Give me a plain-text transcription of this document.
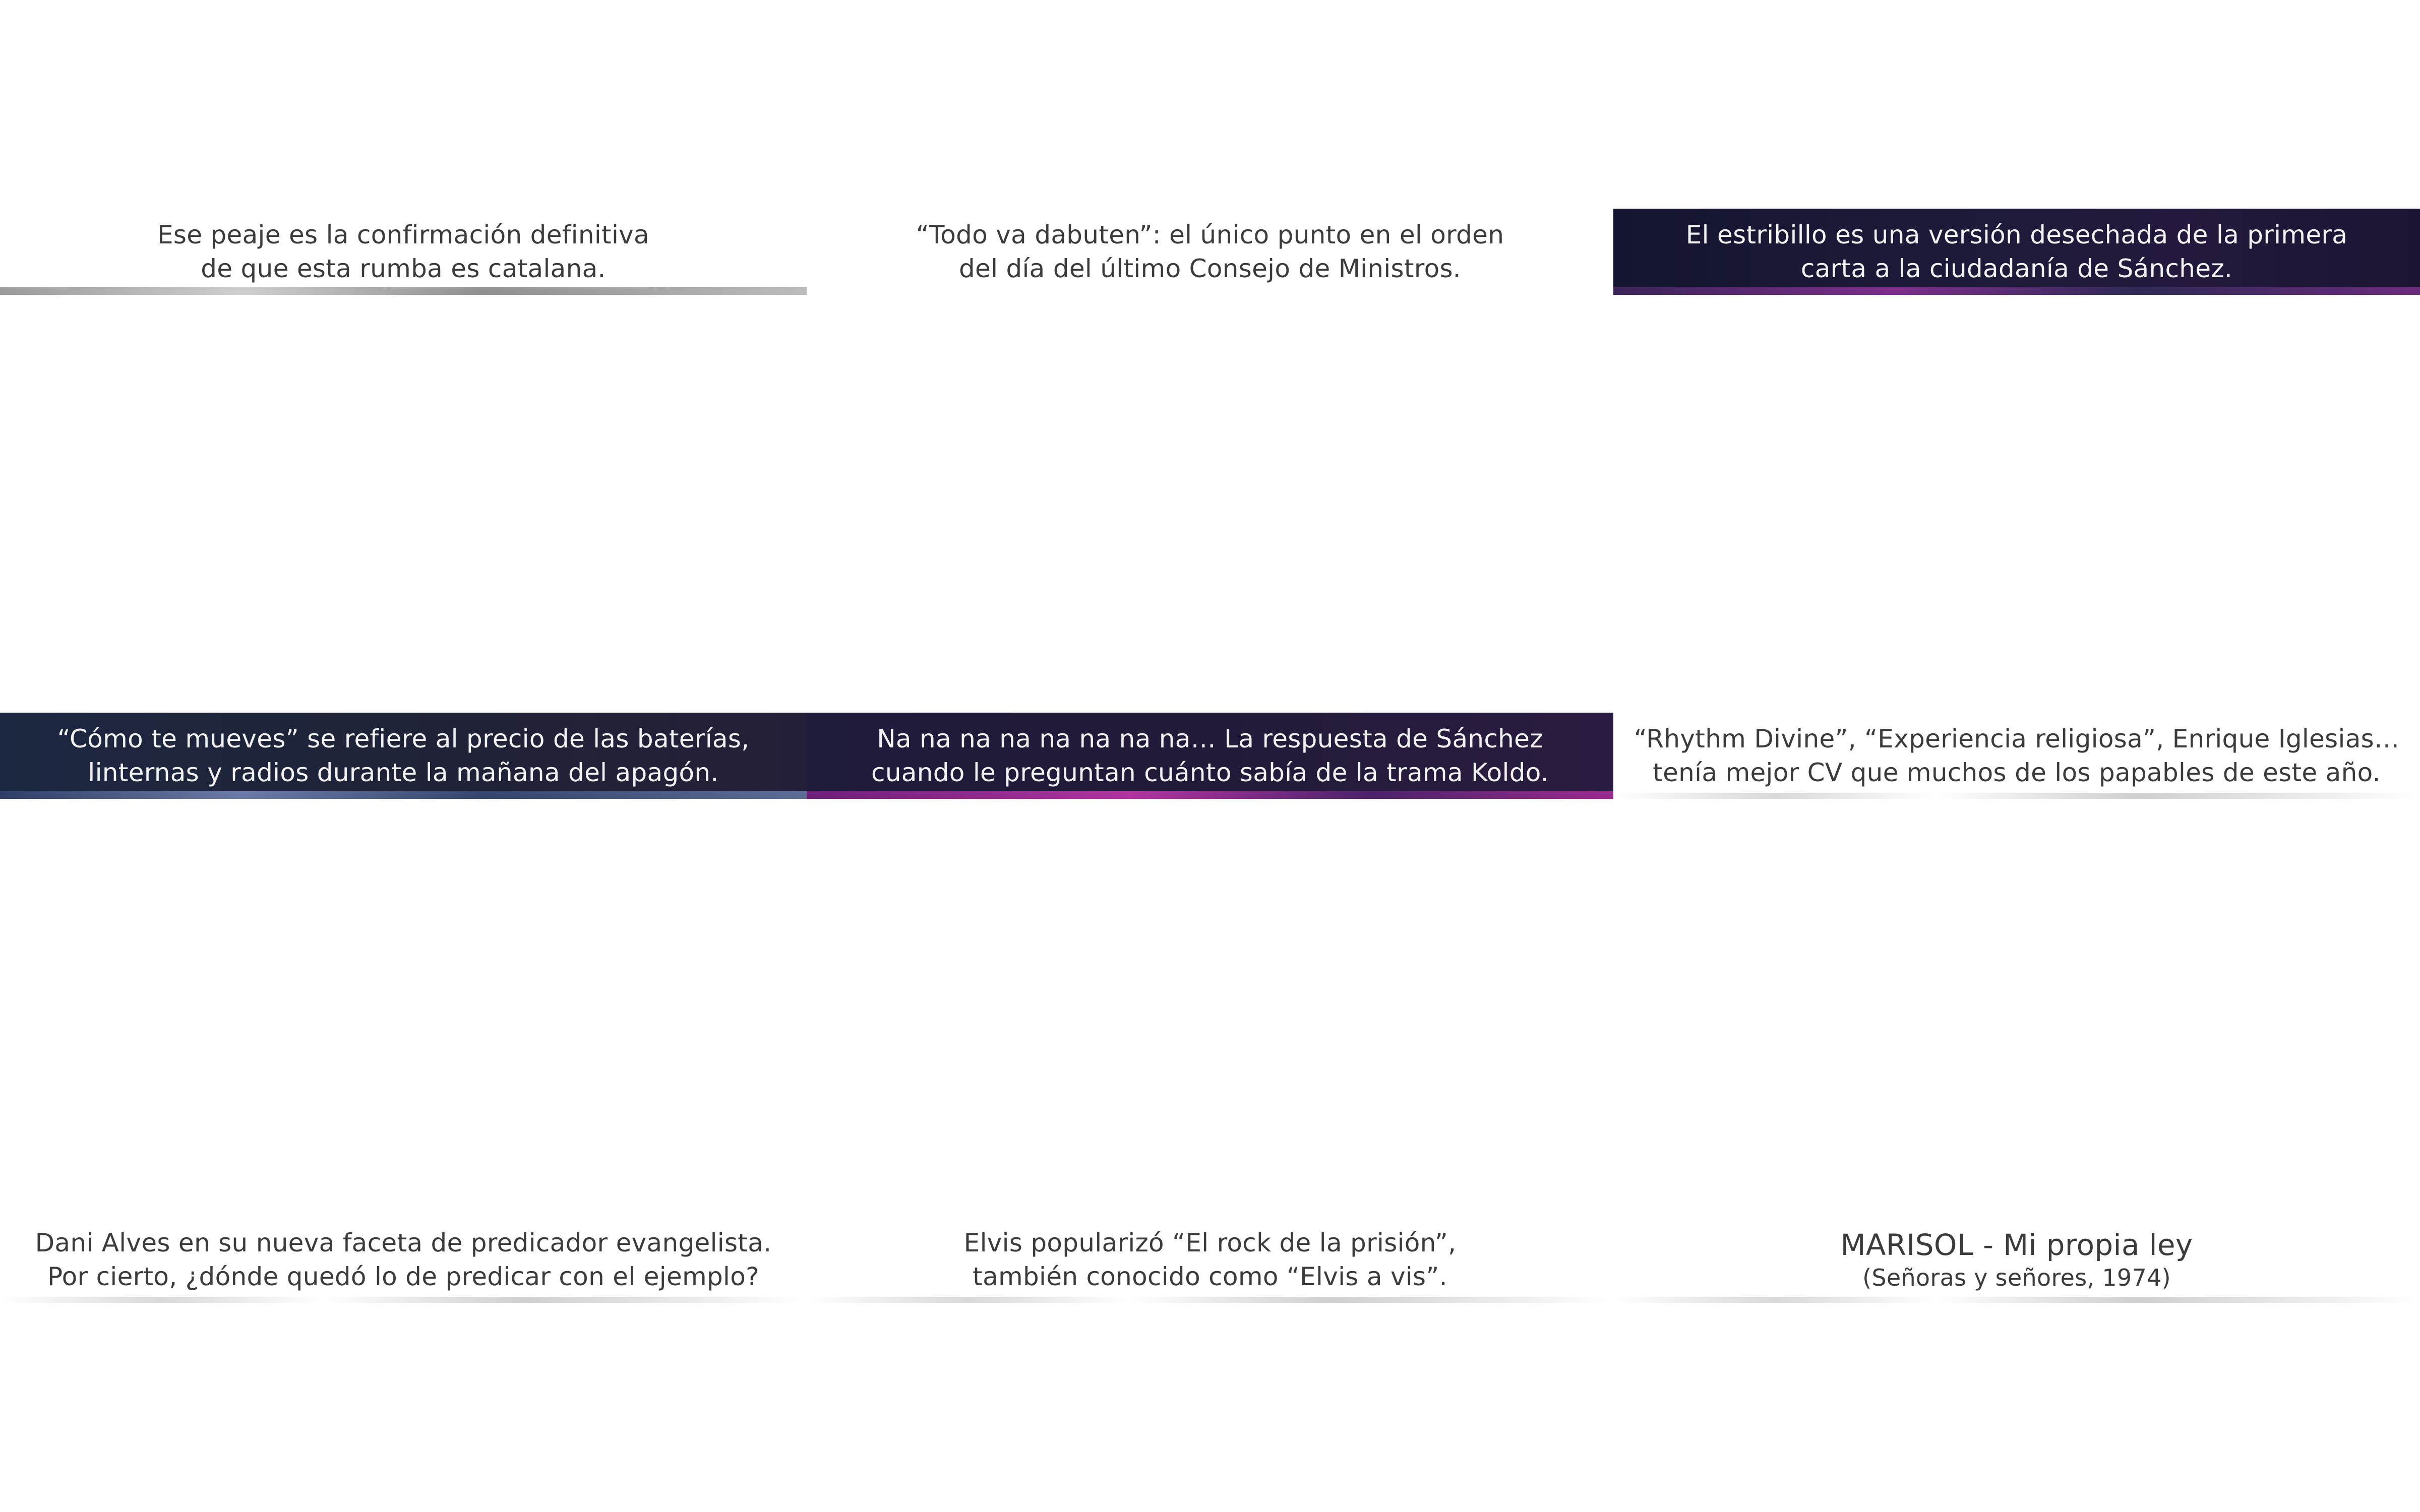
Ese peaje es la confirmación definitiva
de que esta rumba es catalana.
“Todo va dabuten”: el único punto en el orden
del día del último Consejo de Ministros.
El estribillo es una versión desechada de la primera
carta a la ciudadanía de Sánchez.
“Cómo te mueves” se refiere al precio de las baterías,
linternas y radios durante la mañana del apagón.
Na na na na na na na na… La respuesta de Sánchez
cuando le preguntan cuánto sabía de la trama Koldo.
“Rhythm Divine”, “Experiencia religiosa”, Enrique Iglesias…
tenía mejor CV que muchos de los papables de este año.
Dani Alves en su nueva faceta de predicador evangelista.
Por cierto, ¿dónde quedó lo de predicar con el ejemplo?
Elvis popularizó “El rock de la prisión”,
también conocido como “Elvis a vis”.
MARISOL - Mi propia ley
(Señoras y señores, 1974)
